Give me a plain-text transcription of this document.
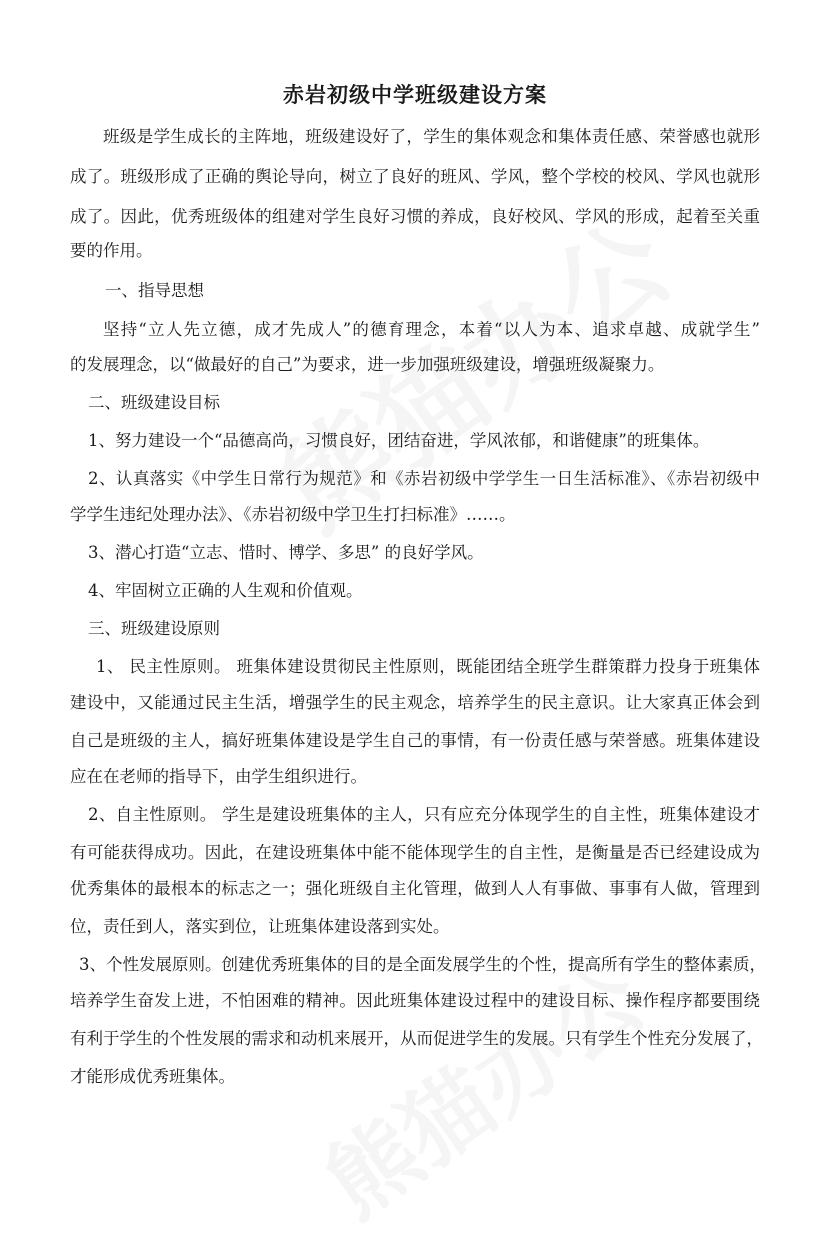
赤岩初级中学班级建设方案
班级是学生成长的主阵地，班级建设好了，学生的集体观念和集体责任感、荣誉感也就形
成了。班级形成了正确的舆论导向，树立了良好的班风、学风，整个学校的校风、学风也就形
成了。因此，优秀班级体的组建对学生良好习惯的养成，良好校风、学风的形成，起着至关重
要的作用。
一、指导思想
坚持“立人先立德，成才先成人”的德育理念，本着“以人为本、追求卓越、成就学生”
的发展理念，以“做最好的自己”为要求，进一步加强班级建设，增强班级凝聚力。
二、班级建设目标
1、努力建设一个“品德高尚，习惯良好，团结奋进，学风浓郁，和谐健康”的班集体。
2、认真落实《中学生日常行为规范》和《赤岩初级中学学生一日生活标准》、《赤岩初级中
学学生违纪处理办法》、《赤岩初级中学卫生打扫标准》……。
3、潜心打造“立志、惜时、博学、多思” 的良好学风。
4、牢固树立正确的人生观和价值观。
三、班级建设原则
1、 民主性原则。 班集体建设贯彻民主性原则，既能团结全班学生群策群力投身于班集体
建设中，又能通过民主生活，增强学生的民主观念，培养学生的民主意识。让大家真正体会到
自己是班级的主人，搞好班集体建设是学生自己的事情，有一份责任感与荣誉感。班集体建设
应在在老师的指导下，由学生组织进行。
2、自主性原则。 学生是建设班集体的主人，只有应充分体现学生的自主性，班集体建设才
有可能获得成功。因此，在建设班集体中能不能体现学生的自主性，是衡量是否已经建设成为
优秀集体的最根本的标志之一；强化班级自主化管理，做到人人有事做、事事有人做，管理到
位，责任到人，落实到位，让班集体建设落到实处。
3、个性发展原则。创建优秀班集体的目的是全面发展学生的个性，提高所有学生的整体素质，
培养学生奋发上进，不怕困难的精神。因此班集体建设过程中的建设目标、操作程序都要围绕
有利于学生的个性发展的需求和动机来展开，从而促进学生的发展。只有学生个性充分发展了，
才能形成优秀班集体。
